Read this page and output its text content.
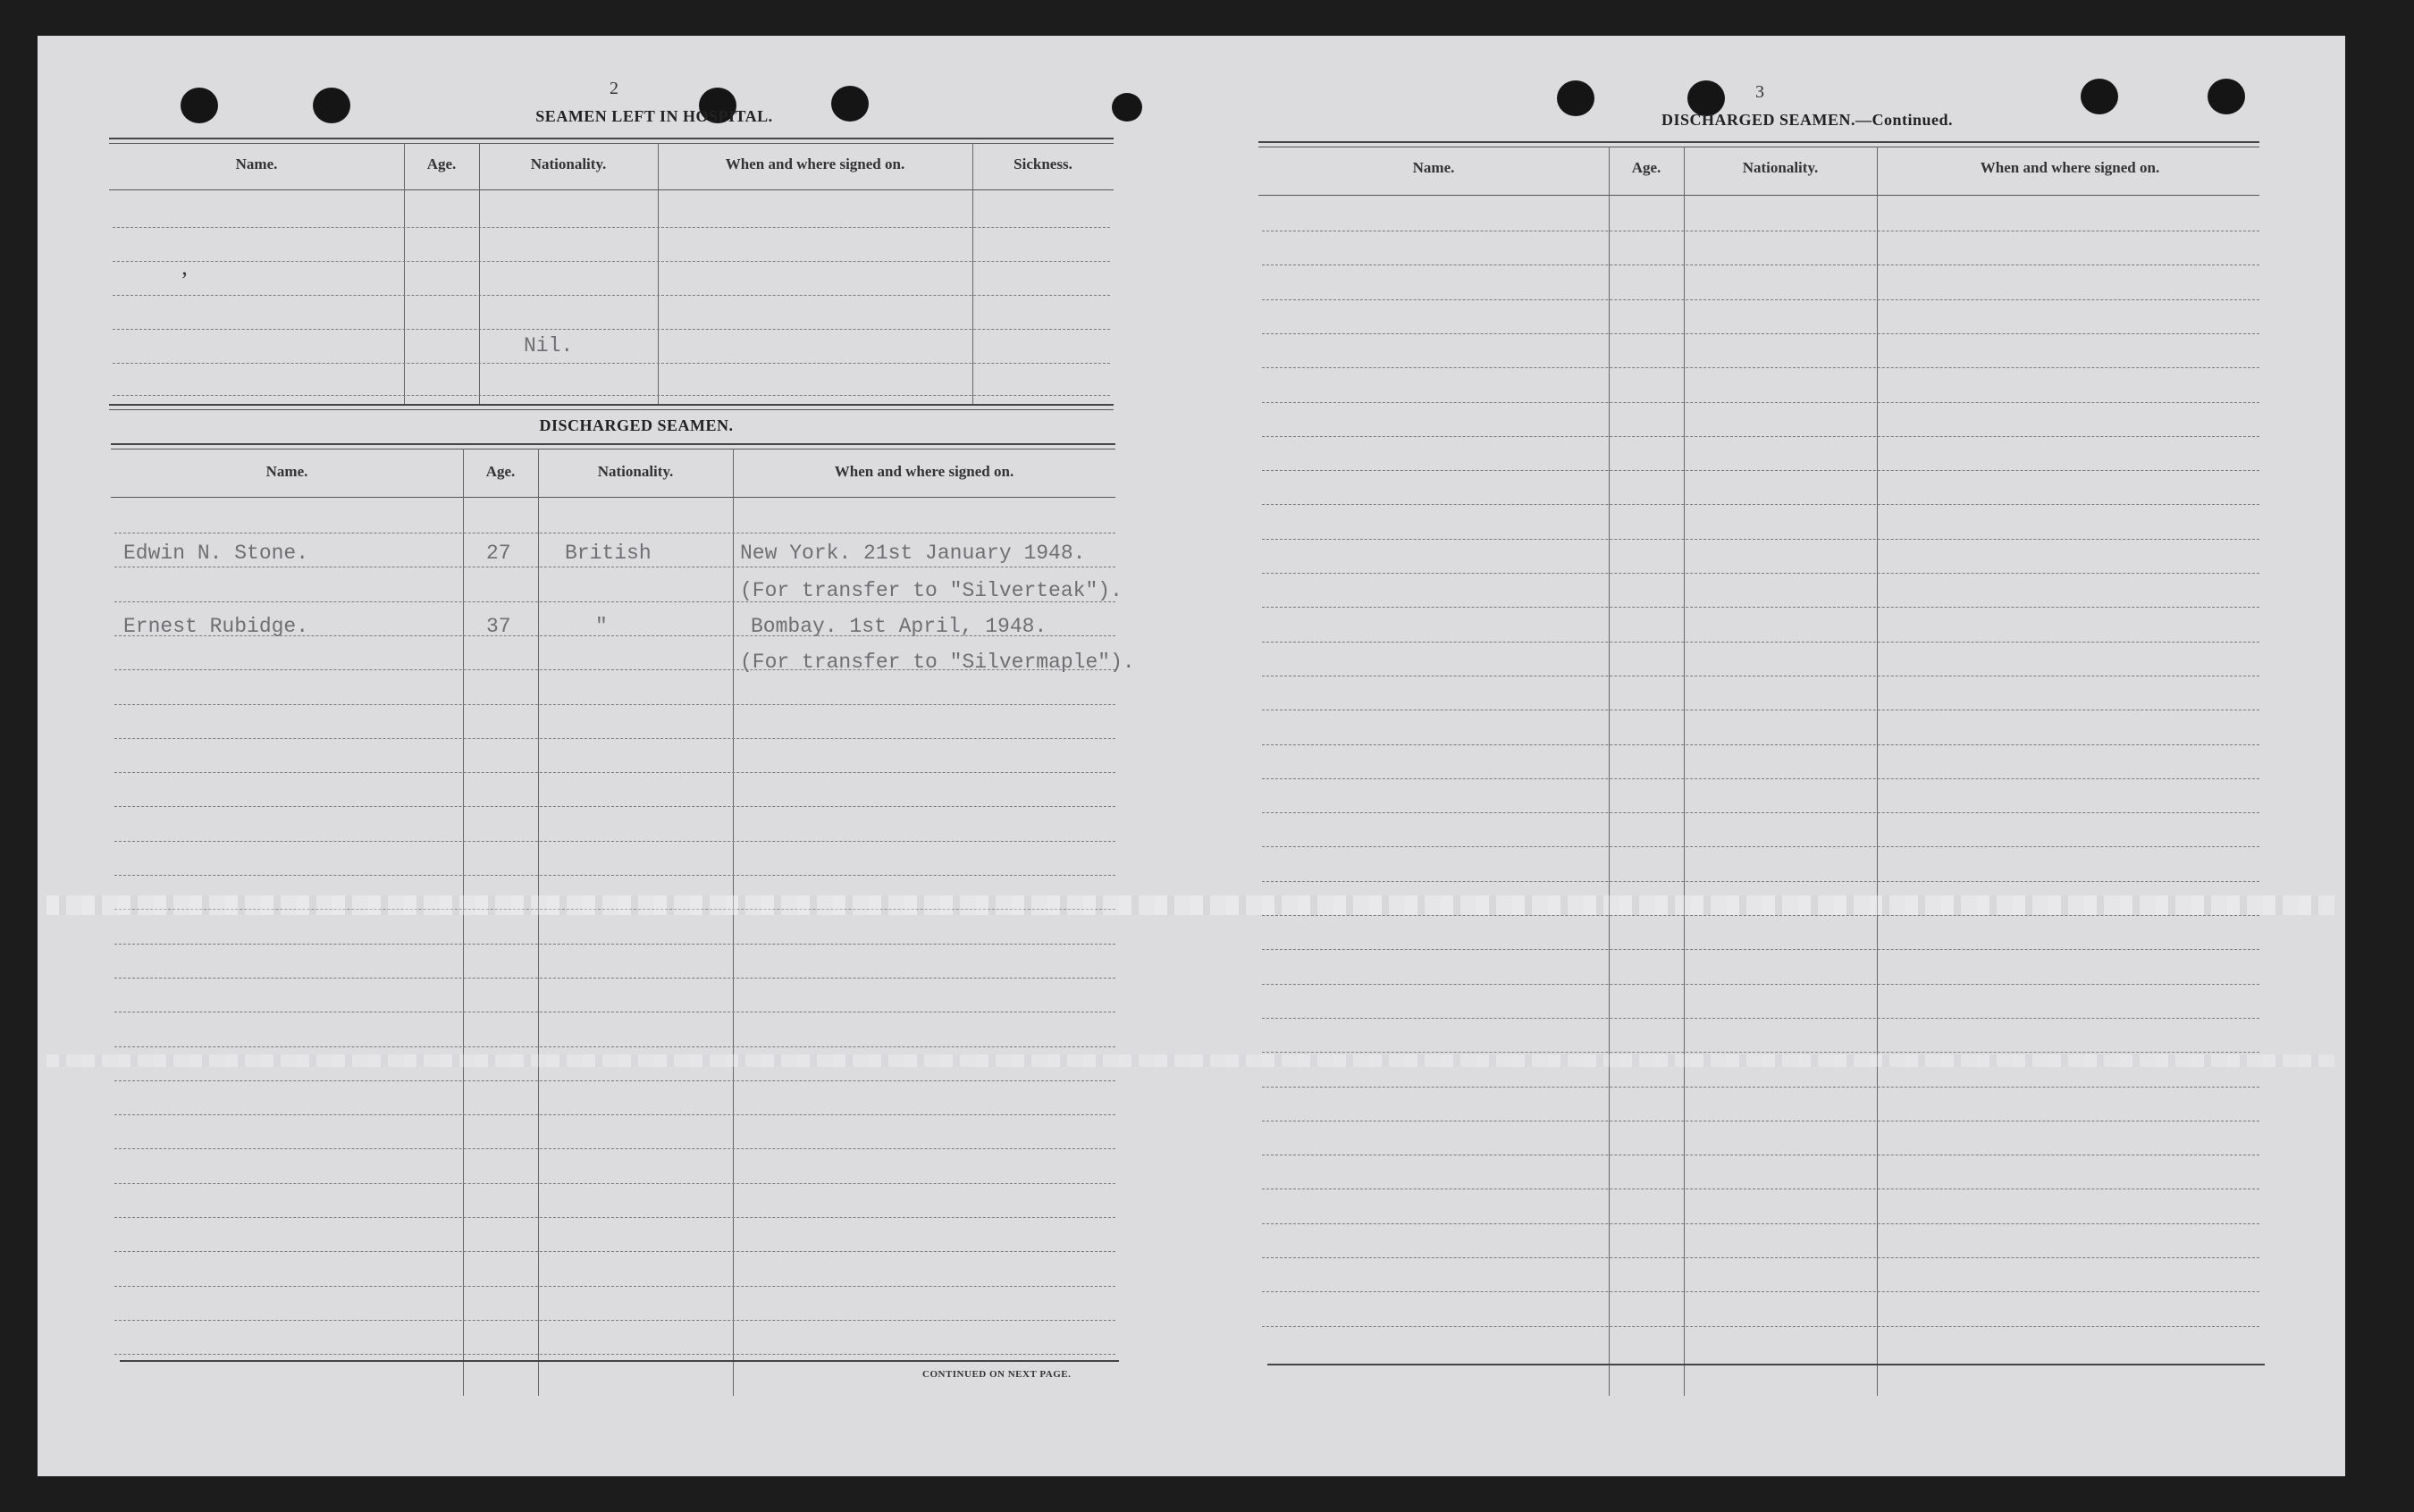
2
SEAMEN LEFT IN HOSPITAL.
Name.	Age.	Nationality.	When and where signed on.	Sickness.
‚
Nil.
DISCHARGED SEAMEN.
Name.	Age.	Nationality.	When and where signed on.
Edwin N. Stone.	27	British	New York. 21st January 1948.
(For transfer to "Silverteak").
Ernest Rubidge.	37	"	Bombay. 1st April, 1948.
(For transfer to "Silvermaple").
CONTINUED ON NEXT PAGE.
3
DISCHARGED SEAMEN.—Continued.
Name.	Age.	Nationality.	When and where signed on.
